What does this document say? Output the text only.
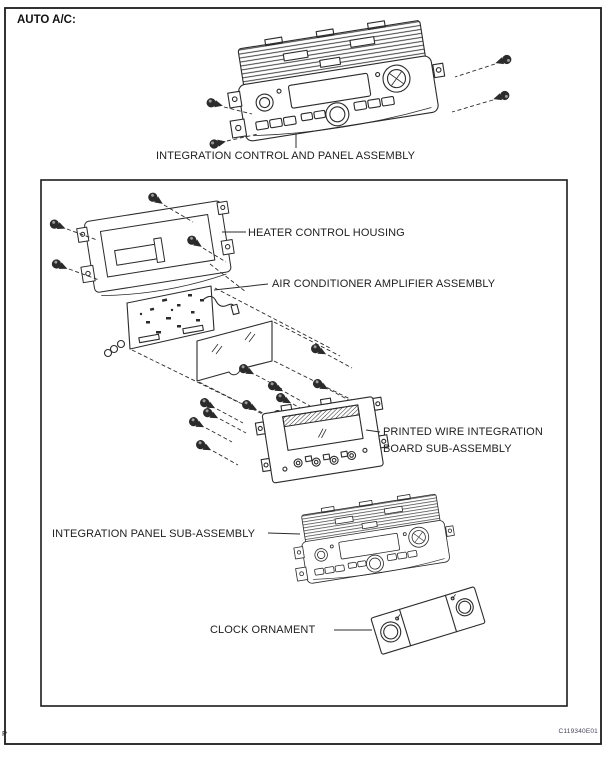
AUTO A/C:
INTEGRATION CONTROL AND PANEL ASSEMBLY
HEATER CONTROL HOUSING
AIR CONDITIONER AMPLIFIER ASSEMBLY
PRINTED WIRE INTEGRATION
BOARD SUB-ASSEMBLY
INTEGRATION PANEL SUB-ASSEMBLY
CLOCK ORNAMENT
C119340E01
P
